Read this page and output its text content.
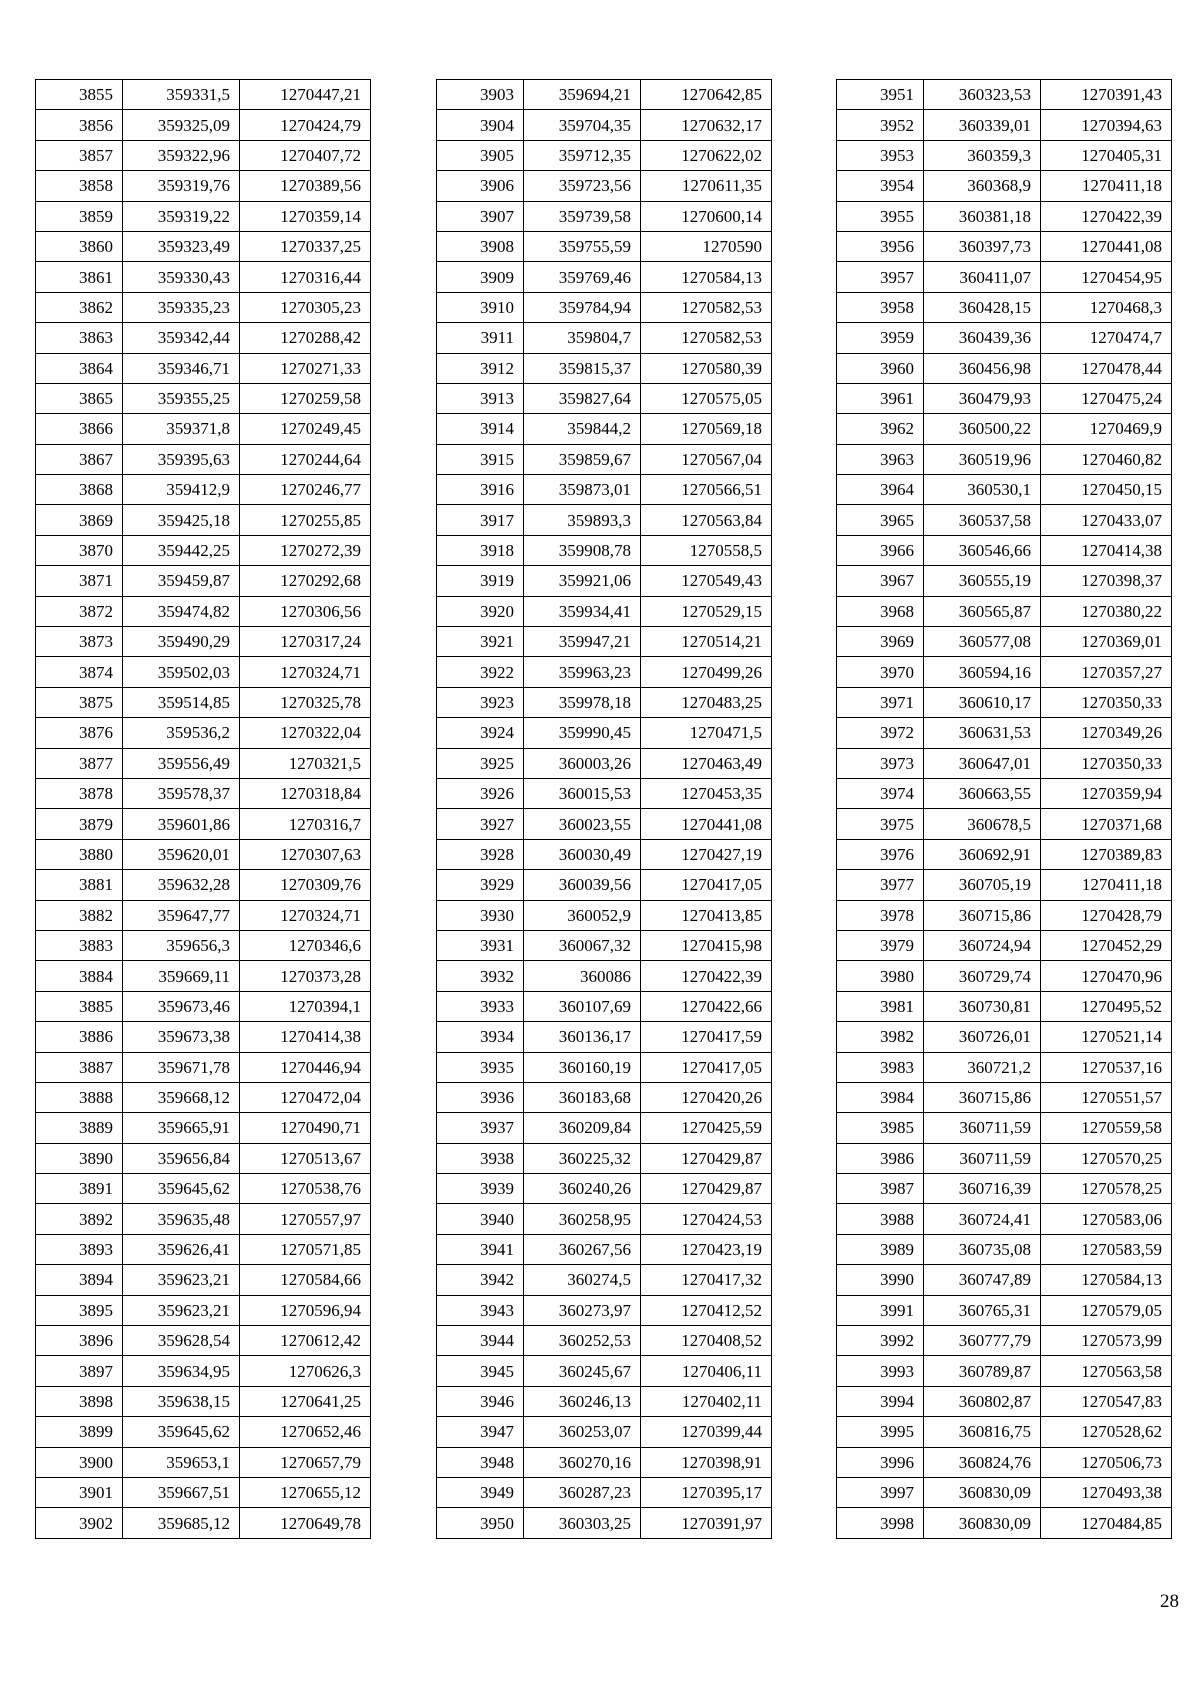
3855	359331,5	1270447,21
3856	359325,09	1270424,79
3857	359322,96	1270407,72
3858	359319,76	1270389,56
3859	359319,22	1270359,14
3860	359323,49	1270337,25
3861	359330,43	1270316,44
3862	359335,23	1270305,23
3863	359342,44	1270288,42
3864	359346,71	1270271,33
3865	359355,25	1270259,58
3866	359371,8	1270249,45
3867	359395,63	1270244,64
3868	359412,9	1270246,77
3869	359425,18	1270255,85
3870	359442,25	1270272,39
3871	359459,87	1270292,68
3872	359474,82	1270306,56
3873	359490,29	1270317,24
3874	359502,03	1270324,71
3875	359514,85	1270325,78
3876	359536,2	1270322,04
3877	359556,49	1270321,5
3878	359578,37	1270318,84
3879	359601,86	1270316,7
3880	359620,01	1270307,63
3881	359632,28	1270309,76
3882	359647,77	1270324,71
3883	359656,3	1270346,6
3884	359669,11	1270373,28
3885	359673,46	1270394,1
3886	359673,38	1270414,38
3887	359671,78	1270446,94
3888	359668,12	1270472,04
3889	359665,91	1270490,71
3890	359656,84	1270513,67
3891	359645,62	1270538,76
3892	359635,48	1270557,97
3893	359626,41	1270571,85
3894	359623,21	1270584,66
3895	359623,21	1270596,94
3896	359628,54	1270612,42
3897	359634,95	1270626,3
3898	359638,15	1270641,25
3899	359645,62	1270652,46
3900	359653,1	1270657,79
3901	359667,51	1270655,12
3902	359685,12	1270649,78
3903	359694,21	1270642,85
3904	359704,35	1270632,17
3905	359712,35	1270622,02
3906	359723,56	1270611,35
3907	359739,58	1270600,14
3908	359755,59	1270590
3909	359769,46	1270584,13
3910	359784,94	1270582,53
3911	359804,7	1270582,53
3912	359815,37	1270580,39
3913	359827,64	1270575,05
3914	359844,2	1270569,18
3915	359859,67	1270567,04
3916	359873,01	1270566,51
3917	359893,3	1270563,84
3918	359908,78	1270558,5
3919	359921,06	1270549,43
3920	359934,41	1270529,15
3921	359947,21	1270514,21
3922	359963,23	1270499,26
3923	359978,18	1270483,25
3924	359990,45	1270471,5
3925	360003,26	1270463,49
3926	360015,53	1270453,35
3927	360023,55	1270441,08
3928	360030,49	1270427,19
3929	360039,56	1270417,05
3930	360052,9	1270413,85
3931	360067,32	1270415,98
3932	360086	1270422,39
3933	360107,69	1270422,66
3934	360136,17	1270417,59
3935	360160,19	1270417,05
3936	360183,68	1270420,26
3937	360209,84	1270425,59
3938	360225,32	1270429,87
3939	360240,26	1270429,87
3940	360258,95	1270424,53
3941	360267,56	1270423,19
3942	360274,5	1270417,32
3943	360273,97	1270412,52
3944	360252,53	1270408,52
3945	360245,67	1270406,11
3946	360246,13	1270402,11
3947	360253,07	1270399,44
3948	360270,16	1270398,91
3949	360287,23	1270395,17
3950	360303,25	1270391,97
3951	360323,53	1270391,43
3952	360339,01	1270394,63
3953	360359,3	1270405,31
3954	360368,9	1270411,18
3955	360381,18	1270422,39
3956	360397,73	1270441,08
3957	360411,07	1270454,95
3958	360428,15	1270468,3
3959	360439,36	1270474,7
3960	360456,98	1270478,44
3961	360479,93	1270475,24
3962	360500,22	1270469,9
3963	360519,96	1270460,82
3964	360530,1	1270450,15
3965	360537,58	1270433,07
3966	360546,66	1270414,38
3967	360555,19	1270398,37
3968	360565,87	1270380,22
3969	360577,08	1270369,01
3970	360594,16	1270357,27
3971	360610,17	1270350,33
3972	360631,53	1270349,26
3973	360647,01	1270350,33
3974	360663,55	1270359,94
3975	360678,5	1270371,68
3976	360692,91	1270389,83
3977	360705,19	1270411,18
3978	360715,86	1270428,79
3979	360724,94	1270452,29
3980	360729,74	1270470,96
3981	360730,81	1270495,52
3982	360726,01	1270521,14
3983	360721,2	1270537,16
3984	360715,86	1270551,57
3985	360711,59	1270559,58
3986	360711,59	1270570,25
3987	360716,39	1270578,25
3988	360724,41	1270583,06
3989	360735,08	1270583,59
3990	360747,89	1270584,13
3991	360765,31	1270579,05
3992	360777,79	1270573,99
3993	360789,87	1270563,58
3994	360802,87	1270547,83
3995	360816,75	1270528,62
3996	360824,76	1270506,73
3997	360830,09	1270493,38
3998	360830,09	1270484,85
28
